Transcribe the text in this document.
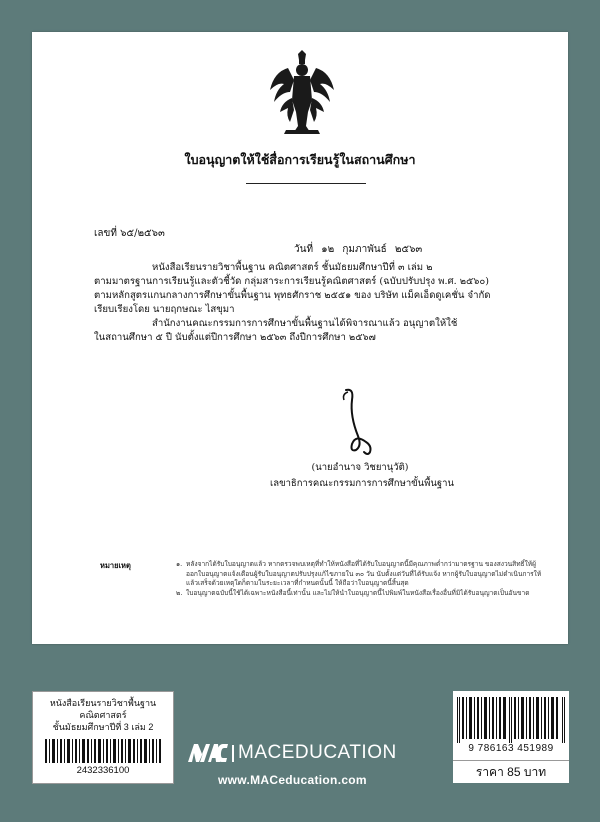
ใบอนุญาตให้ใช้สื่อการเรียนรู้ในสถานศึกษา
เลขที่ ๖๕/๒๕๖๓
วันที่ ๑๒ กุมภาพันธ์ ๒๕๖๓
หนังสือเรียนรายวิชาพื้นฐาน คณิตศาสตร์ ชั้นมัธยมศึกษาปีที่ ๓ เล่ม ๒
ตามมาตรฐานการเรียนรู้และตัวชี้วัด กลุ่มสาระการเรียนรู้คณิตศาสตร์ (ฉบับปรับปรุง พ.ศ. ๒๕๖๐)
ตามหลักสูตรแกนกลางการศึกษาขั้นพื้นฐาน พุทธศักราช ๒๕๕๑ ของ บริษัท แม็คเอ็ดดูเคชั่น จำกัด
เรียบเรียงโดย นายฤกษณะ ไสขุมา
สำนักงานคณะกรรมการการศึกษาขั้นพื้นฐานได้พิจารณาแล้ว อนุญาตให้ใช้
ในสถานศึกษา ๕ ปี นับตั้งแต่ปีการศึกษา ๒๕๖๓ ถึงปีการศึกษา ๒๕๖๗
(นายอำนาจ วิชยานุวัติ)
เลขาธิการคณะกรรมการการศึกษาขั้นพื้นฐาน
หมายเหตุ	๑. หลังจากได้รับใบอนุญาตแล้ว หากตรวจพบเหตุที่ทำให้หนังสือที่ได้รับใบอนุญาตนี้มีคุณภาพต่ำกว่ามาตรฐาน ของสงวนสิทธิ์ให้ผู้ออกใบอนุญาตแจ้งเตือนผู้รับใบอนุญาตปรับปรุงแก้ไขภายใน ๓๐ วัน นับตั้งแต่วันที่ได้รับแจ้ง หากผู้รับใบอนุญาตไม่ดำเนินการให้แล้วเสร็จด้วยเหตุใดก็ตามในระยะเวลาที่กำหนดนั้นนี้ ให้ถือว่าใบอนุญาตนี้สิ้นสุด
๒. ใบอนุญาตฉบับนี้ใช้ได้เฉพาะหนังสือนี้เท่านั้น และไม่ให้นำใบอนุญาตนี้ไปพิมพ์ในหนังสือเรื่องอื่นที่มิได้รับอนุญาตเป็นอันขาด
หนังสือเรียนรายวิชาพื้นฐาน
คณิตศาสตร์
ชั้นมัธยมศึกษาปีที่ 3 เล่ม 2
2432336100
MACEDUCATION
www.MACeducation.com
9 786163 451989
ราคา 85 บาท
